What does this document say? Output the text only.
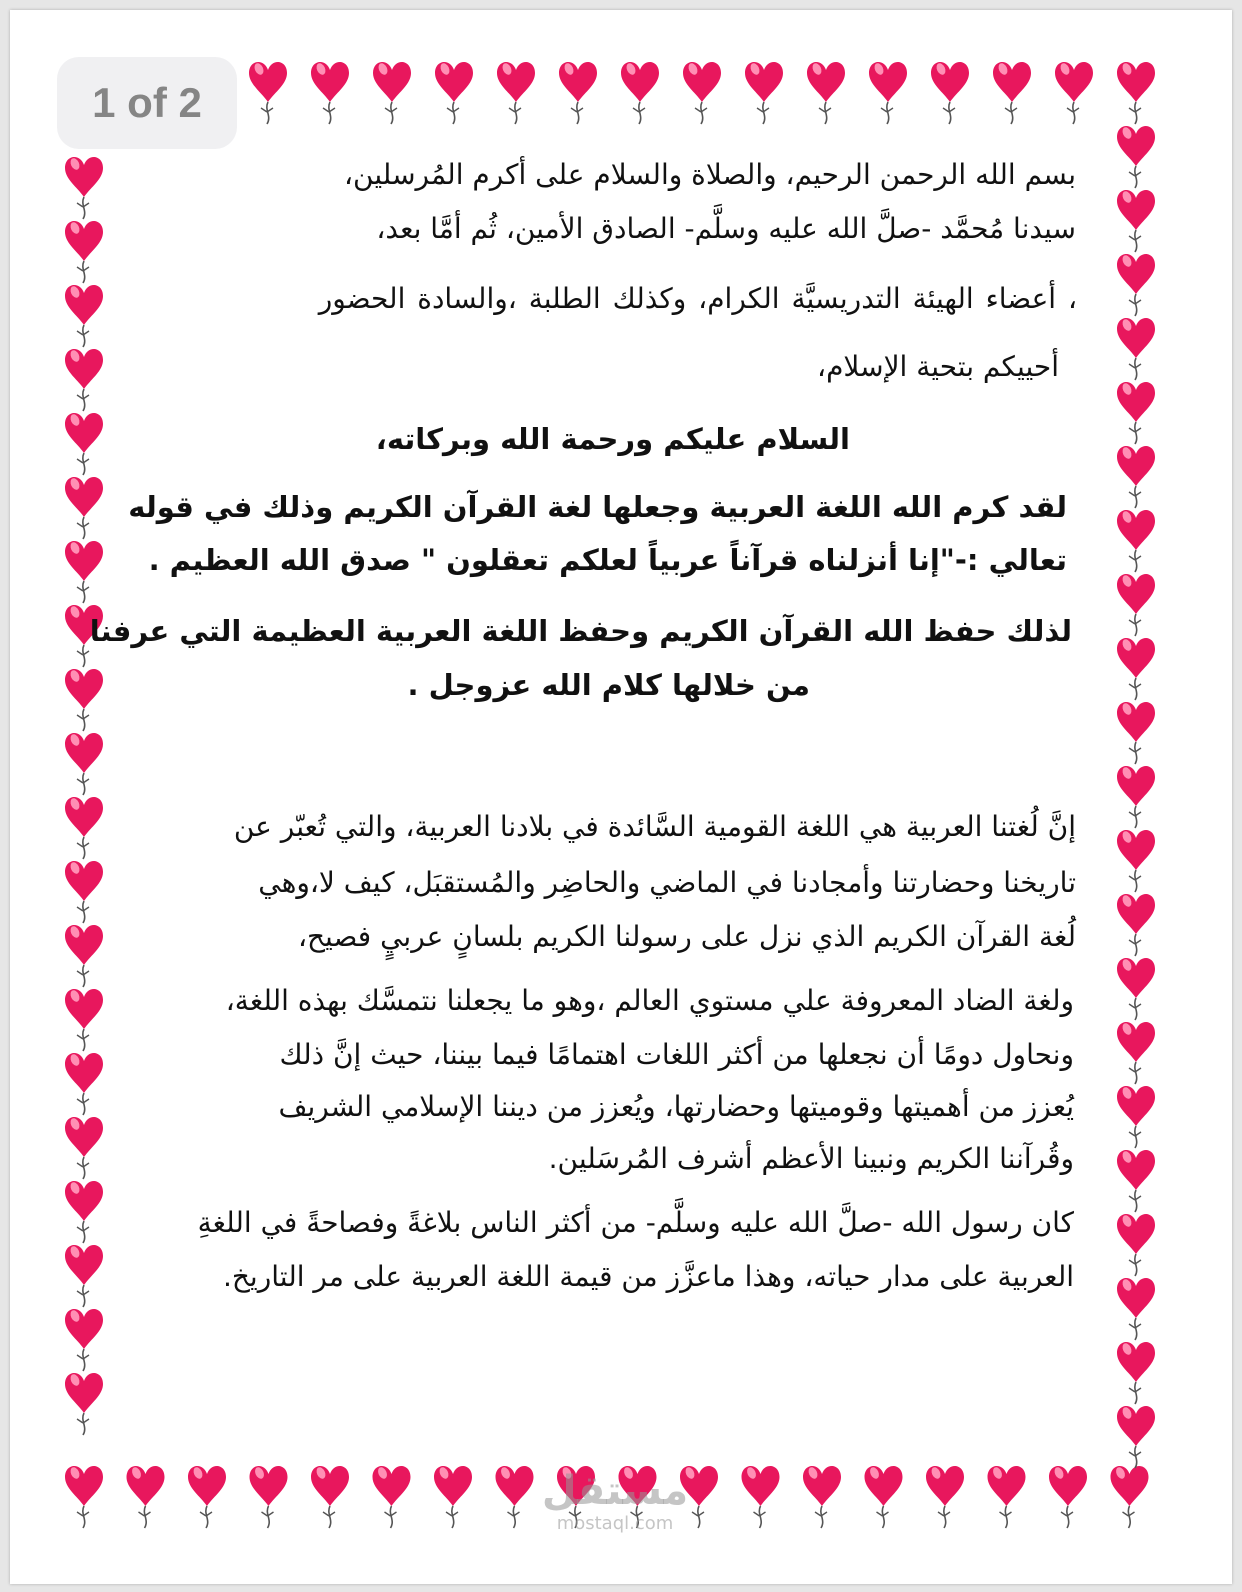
1 of 2
بسم الله الرحمن الرحيم، والصلاة والسلام على أكرم المُرسلين،
سيدنا مُحمَّد -صلَّ الله عليه وسلَّم- الصادق الأمين، ثُم أمَّا بعد،
، أعضاء الهيئة التدريسيَّة الكرام، وكذلك الطلبة ،والسادة الحضور
أحييكم بتحية الإسلام،
السلام عليكم ورحمة الله وبركاته،
لقد كرم الله اللغة العربية وجعلها لغة القرآن الكريم وذلك في قوله
تعالي :-"إنا أنزلناه قرآناً عربياً لعلكم تعقلون " صدق الله العظيم .
لذلك حفظ الله القرآن الكريم وحفظ اللغة العربية العظيمة التي عرفنا
من خلالها كلام الله عزوجل .
إنَّ لُغتنا العربية هي اللغة القومية السَّائدة في بلادنا العربية، والتي تُعبّر عن
تاريخنا وحضارتنا وأمجادنا في الماضي والحاضِر والمُستقبَل، كيف لا،وهي
لُغة القرآن الكريم الذي نزل على رسولنا الكريم بلسانٍ عربيٍ فصيح،
ولغة الضاد المعروفة علي مستوي العالم ،وهو ما يجعلنا نتمسَّك بهذه اللغة،
ونحاول دومًا أن نجعلها من أكثر اللغات اهتمامًا فيما بيننا، حيث إنَّ ذلك
يُعزز من أهميتها وقوميتها وحضارتها، ويُعزز من ديننا الإسلامي الشريف
وقُرآننا الكريم ونبينا الأعظم أشرف المُرسَلين.
كان رسول الله -صلَّ الله عليه وسلَّم- من أكثر الناس بلاغةً وفصاحةً في اللغةِ
العربية على مدار حياته، وهذا ماعزَّز من قيمة اللغة العربية على مر التاريخ.
مستقل
mostaql.com
